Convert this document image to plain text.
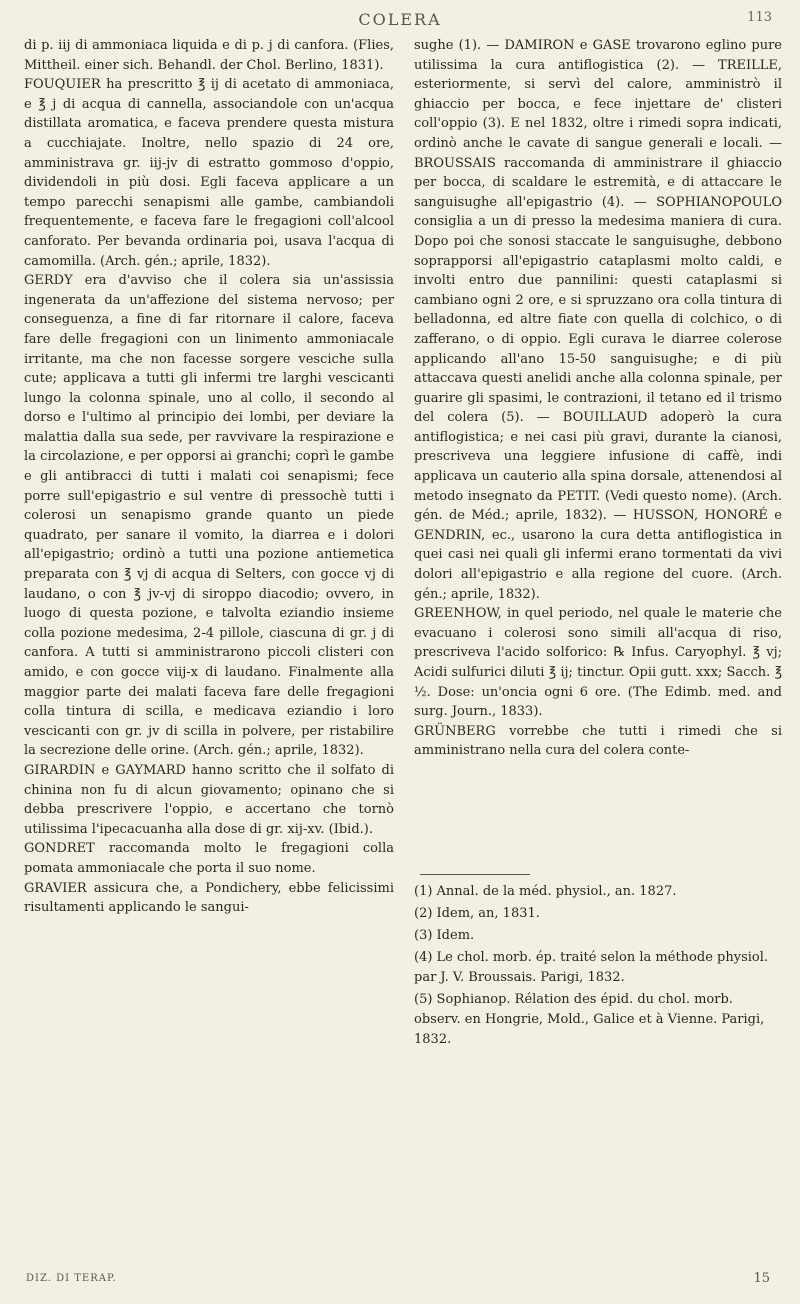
COLERA	113

di p. iij di ammoniaca liquida e di p. j di canfora. (Flies, Mittheil. einer sich. Behandl. der Chol. Berlino, 1831).

FOUQUIER ha prescritto ℥ ij di acetato di ammoniaca, e ℥ j di acqua di cannella, associandole con un'acqua distillata aromatica, e faceva prendere questa mistura a cucchiajate. Inoltre, nello spazio di 24 ore, amministrava gr. iij-jv di estratto gommoso d'oppio, dividendoli in più dosi. Egli faceva applicare a un tempo parecchi senapismi alle gambe, cambiandoli frequentemente, e faceva fare le fregagioni coll'alcool canforato. Per bevanda ordinaria poi, usava l'acqua di camomilla. (Arch. gén.; aprile, 1832).

GERDY era d'avviso che il colera sia un'assissia ingenerata da un'affezione del sistema nervoso; per conseguenza, a fine di far ritornare il calore, faceva fare delle fregagioni con un linimento ammoniacale irritante, ma che non facesse sorgere vesciche sulla cute; applicava a tutti gli infermi tre larghi vescicanti lungo la colonna spinale, uno al collo, il secondo al dorso e l'ultimo al principio dei lombi, per deviare la malattia dalla sua sede, per ravvivare la respirazione e la circolazione, e per opporsi ai granchi; coprì le gambe e gli antibracci di tutti i malati coi senapismi; fece porre sull'epigastrio e sul ventre di pressochè tutti i colerosi un senapismo grande quanto un piede quadrato, per sanare il vomito, la diarrea e i dolori all'epigastrio; ordinò a tutti una pozione antiemetica preparata con ℥ vj di acqua di Selters, con gocce vj di laudano, o con ℥ jv-vj di siroppo diacodio; ovvero, in luogo di questa pozione, e talvolta eziandio insieme colla pozione medesima, 2-4 pillole, ciascuna di gr. j di canfora. A tutti si amministrarono piccoli clisteri con amido, e con gocce viij-x di laudano. Finalmente alla maggior parte dei malati faceva fare delle fregagioni colla tintura di scilla, e medicava eziandio i loro vescicanti con gr. jv di scilla in polvere, per ristabilire la secrezione delle orine. (Arch. gén.; aprile, 1832).

GIRARDIN e GAYMARD hanno scritto che il solfato di chinina non fu di alcun giovamento; opinano che si debba prescrivere l'oppio, e accertano che tornò utilissima l'ipecacuanha alla dose di gr. xij-xv. (Ibid.).

GONDRET raccomanda molto le fregagioni colla pomata ammoniacale che porta il suo nome.

GRAVIER assicura che, a Pondichery, ebbe felicissimi risultamenti applicando le sangui-

sughe (1). — DAMIRON e GASE trovarono eglino pure utilissima la cura antiflogistica (2). — TREILLE, esteriormente, si servì del calore, amministrò il ghiaccio per bocca, e fece injettare de' clisteri coll'oppio (3). E nel 1832, oltre i rimedi sopra indicati, ordinò anche le cavate di sangue generali e locali. — BROUSSAIS raccomanda di amministrare il ghiaccio per bocca, di scaldare le estremità, e di attaccare le sanguisughe all'epigastrio (4). — SOPHIANOPOULO consiglia a un di presso la medesima maniera di cura. Dopo poi che sonosi staccate le sanguisughe, debbono soprapporsi all'epigastrio cataplasmi molto caldi, e involti entro due pannilini: questi cataplasmi si cambiano ogni 2 ore, e si spruzzano ora colla tintura di belladonna, ed altre fiate con quella di colchico, o di zafferano, o di oppio. Egli curava le diarree colerose applicando all'ano 15-50 sanguisughe; e di più attaccava questi anelidi anche alla colonna spinale, per guarire gli spasimi, le contrazioni, il tetano ed il trismo del colera (5). — BOUILLAUD adoperò la cura antiflogistica; e nei casi più gravi, durante la cianosi, prescriveva una leggiere infusione di caffè, indi applicava un cauterio alla spina dorsale, attenendosi al metodo insegnato da PETIT. (Vedi questo nome). (Arch. gén. de Méd.; aprile, 1832). — HUSSON, HONORÉ e GENDRIN, ec., usarono la cura detta antiflogistica in quei casi nei quali gli infermi erano tormentati da vivi dolori all'epigastrio e alla regione del cuore. (Arch. gén.; aprile, 1832).

GREENHOW, in quel periodo, nel quale le materie che evacuano i colerosi sono simili all'acqua di riso, prescriveva l'acido solforico: ℞ Infus. Caryophyl. ℥ vj; Acidi sulfurici diluti ℥ ij; tinctur. Opii gutt. xxx; Sacch. ℥ ½. Dose: un'oncia ogni 6 ore. (The Edimb. med. and surg. Journ., 1833).

GRÜNBERG vorrebbe che tutti i rimedi che si amministrano nella cura del colera conte-

(1) Annal. de la méd. physiol., an. 1827.
(2) Idem, an, 1831.
(3) Idem.
(4) Le chol. morb. ép. traité selon la méthode physiol. par J. V. Broussais. Parigi, 1832.
(5) Sophianop. Rélation des épid. du chol. morb. observ. en Hongrie, Mold., Galice et à Vienne. Parigi, 1832.
DIZ. DI TERAP.	15
